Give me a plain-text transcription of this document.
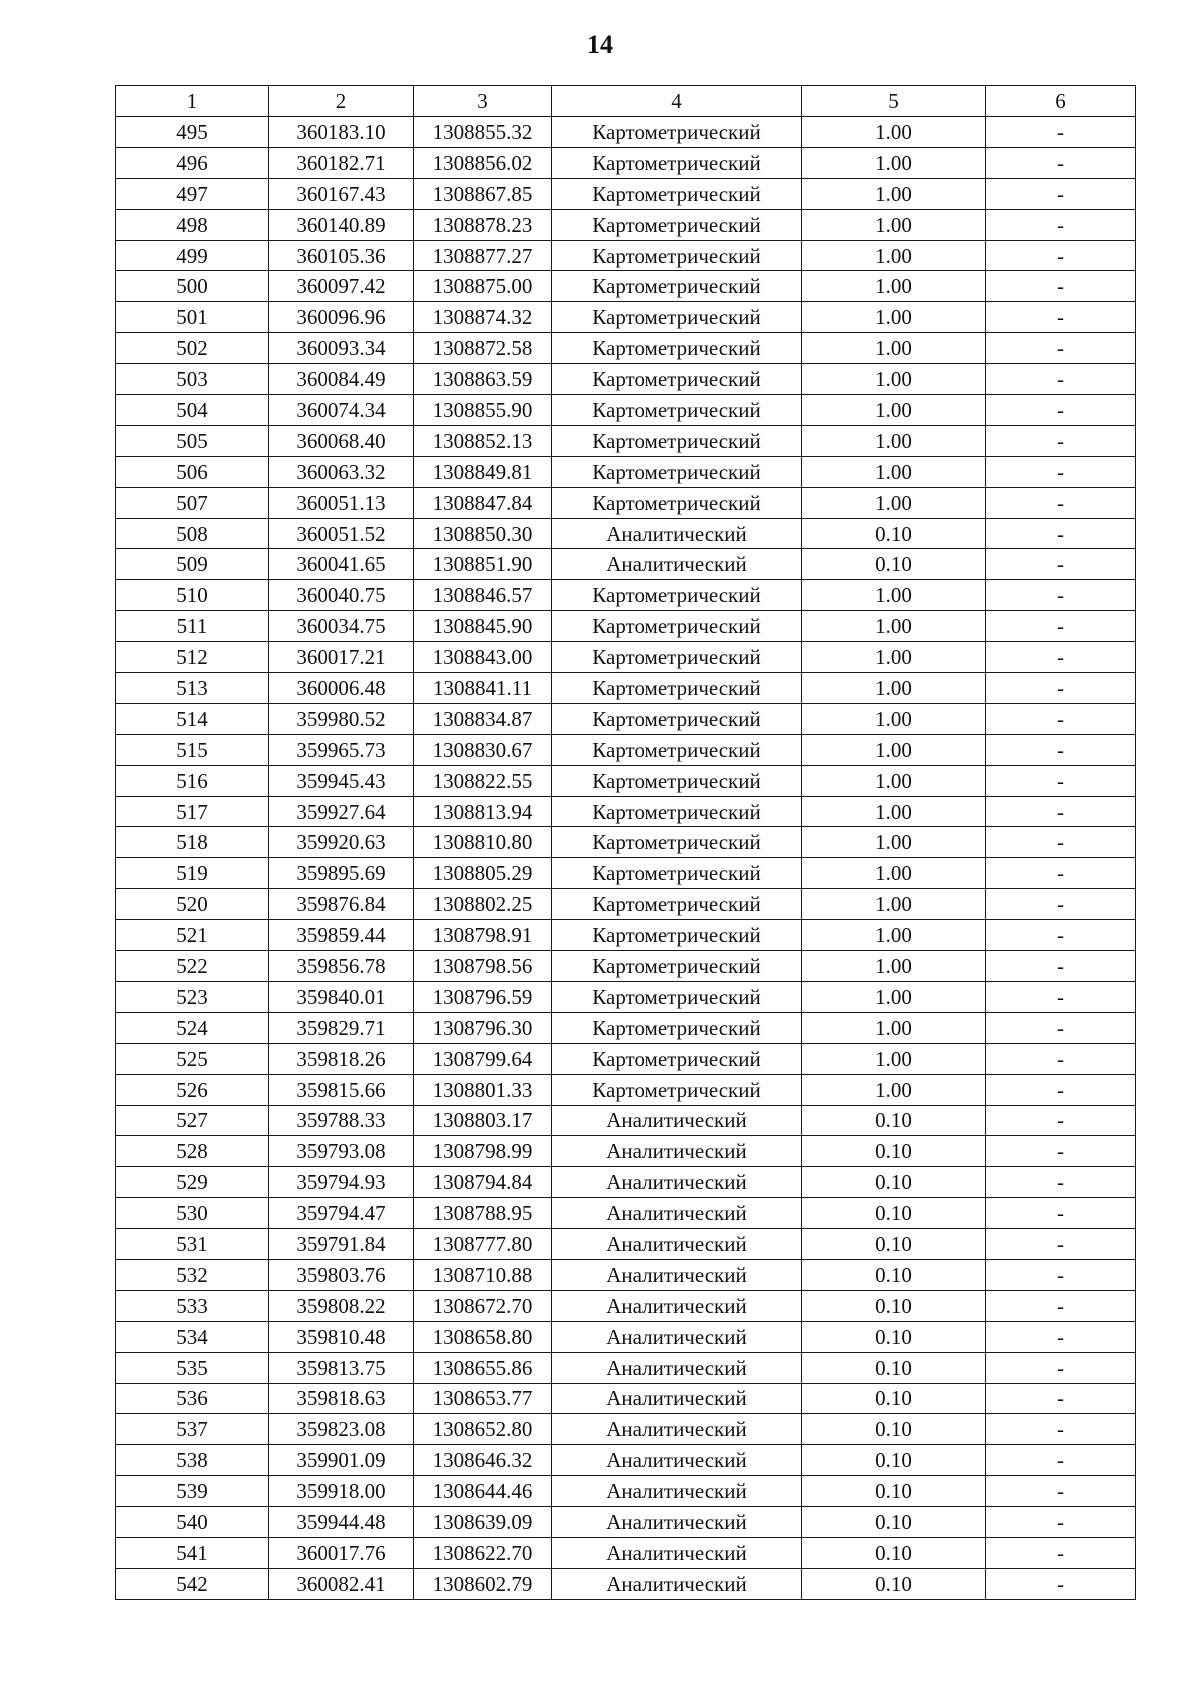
14
1	2	3	4	5	6
495	360183.10	1308855.32	Картометрический	1.00	-
496	360182.71	1308856.02	Картометрический	1.00	-
497	360167.43	1308867.85	Картометрический	1.00	-
498	360140.89	1308878.23	Картометрический	1.00	-
499	360105.36	1308877.27	Картометрический	1.00	-
500	360097.42	1308875.00	Картометрический	1.00	-
501	360096.96	1308874.32	Картометрический	1.00	-
502	360093.34	1308872.58	Картометрический	1.00	-
503	360084.49	1308863.59	Картометрический	1.00	-
504	360074.34	1308855.90	Картометрический	1.00	-
505	360068.40	1308852.13	Картометрический	1.00	-
506	360063.32	1308849.81	Картометрический	1.00	-
507	360051.13	1308847.84	Картометрический	1.00	-
508	360051.52	1308850.30	Аналитический	0.10	-
509	360041.65	1308851.90	Аналитический	0.10	-
510	360040.75	1308846.57	Картометрический	1.00	-
511	360034.75	1308845.90	Картометрический	1.00	-
512	360017.21	1308843.00	Картометрический	1.00	-
513	360006.48	1308841.11	Картометрический	1.00	-
514	359980.52	1308834.87	Картометрический	1.00	-
515	359965.73	1308830.67	Картометрический	1.00	-
516	359945.43	1308822.55	Картометрический	1.00	-
517	359927.64	1308813.94	Картометрический	1.00	-
518	359920.63	1308810.80	Картометрический	1.00	-
519	359895.69	1308805.29	Картометрический	1.00	-
520	359876.84	1308802.25	Картометрический	1.00	-
521	359859.44	1308798.91	Картометрический	1.00	-
522	359856.78	1308798.56	Картометрический	1.00	-
523	359840.01	1308796.59	Картометрический	1.00	-
524	359829.71	1308796.30	Картометрический	1.00	-
525	359818.26	1308799.64	Картометрический	1.00	-
526	359815.66	1308801.33	Картометрический	1.00	-
527	359788.33	1308803.17	Аналитический	0.10	-
528	359793.08	1308798.99	Аналитический	0.10	-
529	359794.93	1308794.84	Аналитический	0.10	-
530	359794.47	1308788.95	Аналитический	0.10	-
531	359791.84	1308777.80	Аналитический	0.10	-
532	359803.76	1308710.88	Аналитический	0.10	-
533	359808.22	1308672.70	Аналитический	0.10	-
534	359810.48	1308658.80	Аналитический	0.10	-
535	359813.75	1308655.86	Аналитический	0.10	-
536	359818.63	1308653.77	Аналитический	0.10	-
537	359823.08	1308652.80	Аналитический	0.10	-
538	359901.09	1308646.32	Аналитический	0.10	-
539	359918.00	1308644.46	Аналитический	0.10	-
540	359944.48	1308639.09	Аналитический	0.10	-
541	360017.76	1308622.70	Аналитический	0.10	-
542	360082.41	1308602.79	Аналитический	0.10	-
